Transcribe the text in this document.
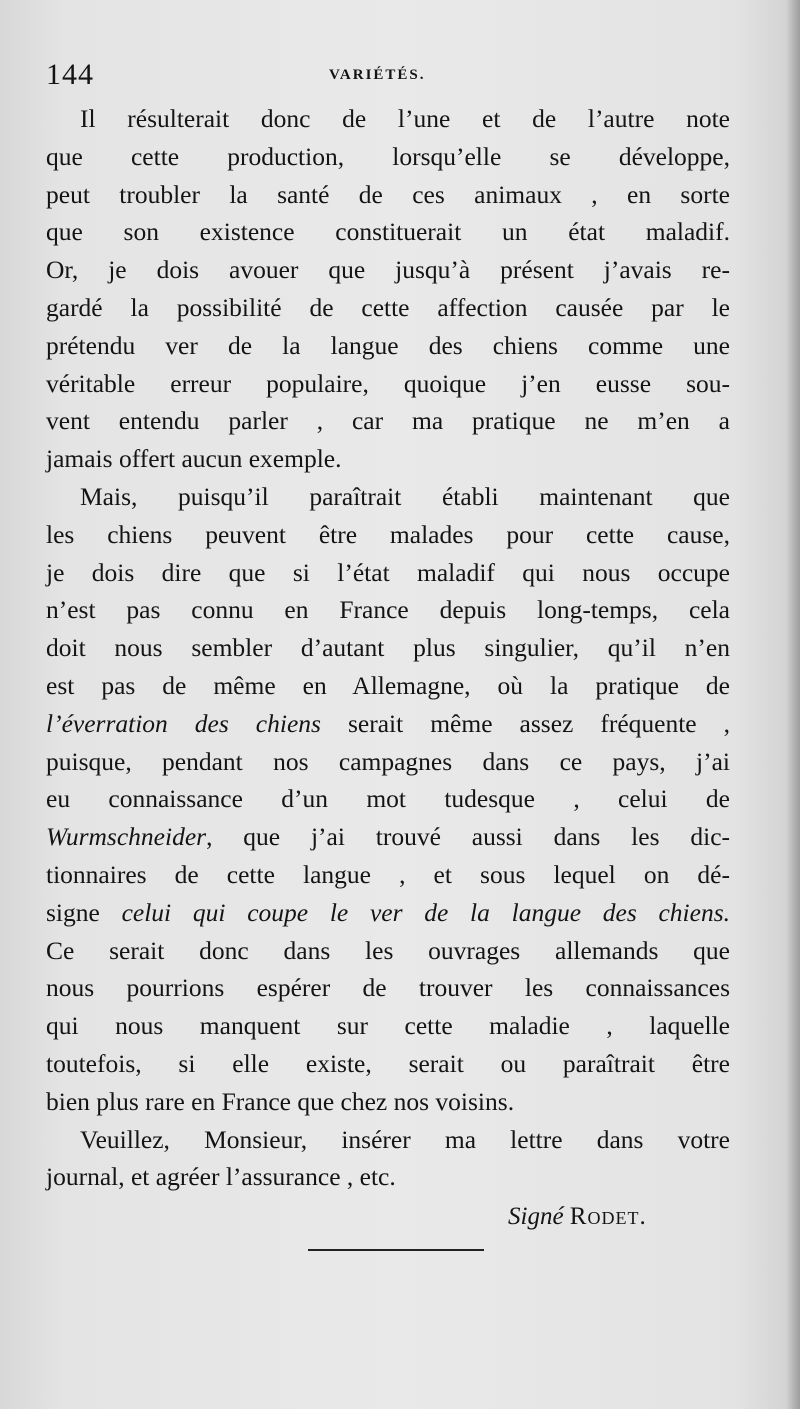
144	VARIÉTÉS.
Il résulterait donc de l’une et de l’autre note
que cette production, lorsqu’elle se développe,
peut troubler la santé de ces animaux , en sorte
que son existence constituerait un état maladif.
Or, je dois avouer que jusqu’à présent j’avais re-
gardé la possibilité de cette affection causée par le
prétendu ver de la langue des chiens comme une
véritable erreur populaire, quoique j’en eusse sou-
vent entendu parler , car ma pratique ne m’en a
jamais offert aucun exemple.
Mais, puisqu’il paraîtrait établi maintenant que
les chiens peuvent être malades pour cette cause,
je dois dire que si l’état maladif qui nous occupe
n’est pas connu en France depuis long-temps, cela
doit nous sembler d’autant plus singulier, qu’il n’en
est pas de même en Allemagne, où la pratique de
l’éverration des chiens serait même assez fréquente ,
puisque, pendant nos campagnes dans ce pays, j’ai
eu connaissance d’un mot tudesque , celui de
Wurmschneider, que j’ai trouvé aussi dans les dic-
tionnaires de cette langue , et sous lequel on dé-
signe celui qui coupe le ver de la langue des chiens.
Ce serait donc dans les ouvrages allemands que
nous pourrions espérer de trouver les connaissances
qui nous manquent sur cette maladie , laquelle
toutefois, si elle existe, serait ou paraîtrait être
bien plus rare en France que chez nos voisins.
Veuillez, Monsieur, insérer ma lettre dans votre
journal, et agréer l’assurance , etc.
Signé Rodet.
